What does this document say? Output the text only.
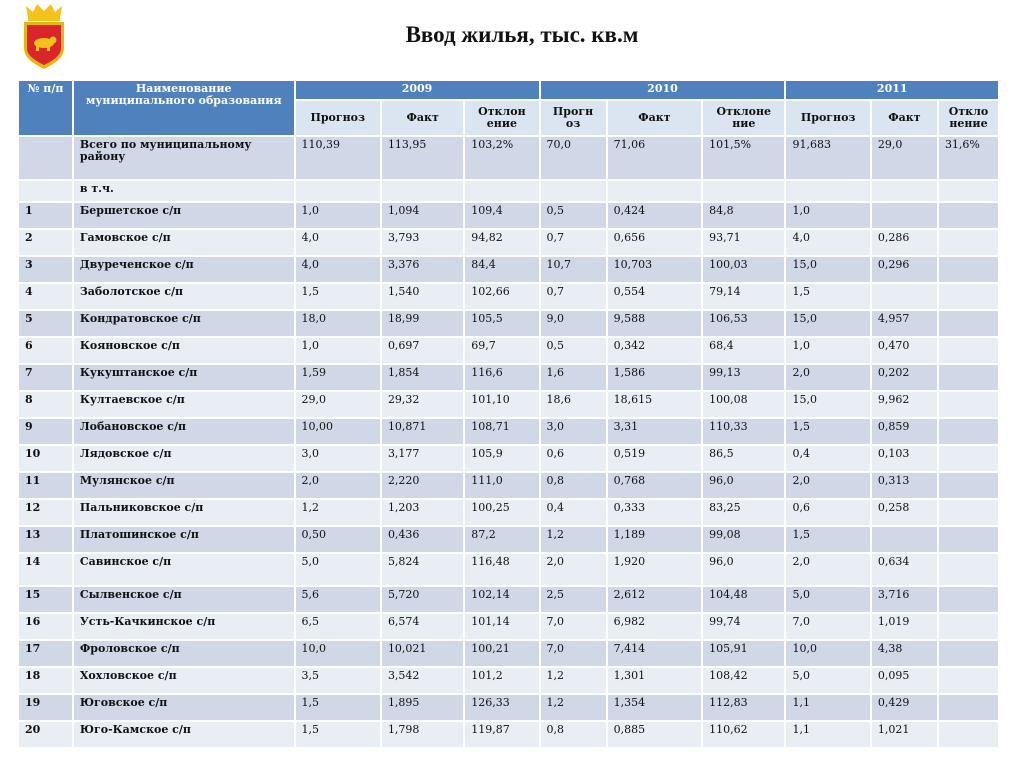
Ввод жилья, тыс. кв.м
№ п/п	Наименование муниципального образования	2009			2010			2011		
		Прогноз	Факт	Отклон ение	Прогн оз	Факт	Отклоне ние	Прогноз	Факт	Откло нение
	Всего по муниципальному району	110,39	113,95	103,2%	70,0	71,06	101,5%	91,683	29,0	31,6%
	в т.ч.									
1	Бершетское с/п	1,0	1,094	109,4	0,5	0,424	84,8	1,0		
2	Гамовское с/п	4,0	3,793	94,82	0,7	0,656	93,71	4,0	0,286	
3	Двуреченское с/п	4,0	3,376	84,4	10,7	10,703	100,03	15,0	0,296	
4	Заболотское с/п	1,5	1,540	102,66	0,7	0,554	79,14	1,5		
5	Кондратовское с/п	18,0	18,99	105,5	9,0	9,588	106,53	15,0	4,957	
6	Кояновское с/п	1,0	0,697	69,7	0,5	0,342	68,4	1,0	0,470	
7	Кукуштанское с/п	1,59	1,854	116,6	1,6	1,586	99,13	2,0	0,202	
8	Култаевское с/п	29,0	29,32	101,10	18,6	18,615	100,08	15,0	9,962	
9	Лобановское с/п	10,00	10,871	108,71	3,0	3,31	110,33	1,5	0,859	
10	Лядовское с/п	3,0	3,177	105,9	0,6	0,519	86,5	0,4	0,103	
11	Мулянское с/п	2,0	2,220	111,0	0,8	0,768	96,0	2,0	0,313	
12	Пальниковское с/п	1,2	1,203	100,25	0,4	0,333	83,25	0,6	0,258	
13	Платошинское с/п	0,50	0,436	87,2	1,2	1,189	99,08	1,5		
14	Савинское с/п	5,0	5,824	116,48	2,0	1,920	96,0	2,0	0,634	
15	Сылвенское с/п	5,6	5,720	102,14	2,5	2,612	104,48	5,0	3,716	
16	Усть-Качкинское с/п	6,5	6,574	101,14	7,0	6,982	99,74	7,0	1,019	
17	Фроловское с/п	10,0	10,021	100,21	7,0	7,414	105,91	10,0	4,38	
18	Хохловское с/п	3,5	3,542	101,2	1,2	1,301	108,42	5,0	0,095	
19	Юговское с/п	1,5	1,895	126,33	1,2	1,354	112,83	1,1	0,429	
20	Юго-Камское с/п	1,5	1,798	119,87	0,8	0,885	110,62	1,1	1,021	
